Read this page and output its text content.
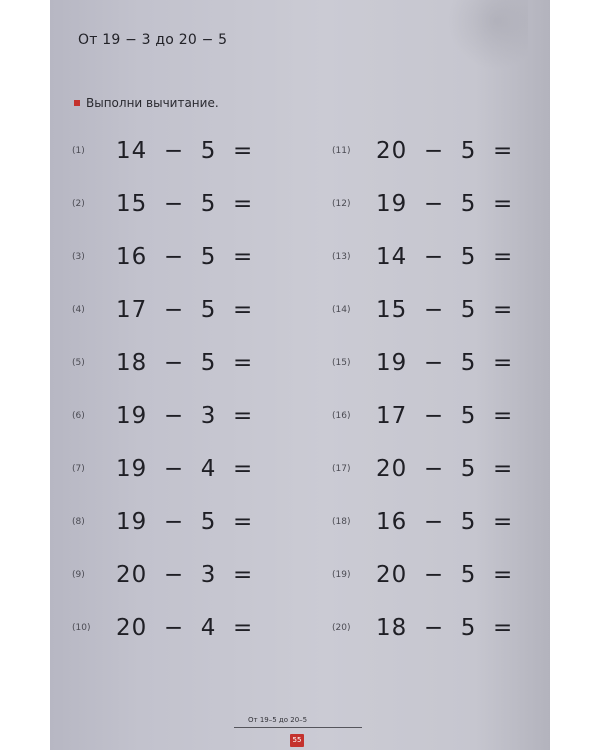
От 19 − 3 до 20 − 5
Выполни вычитание.
(1)	14  −  5  =
(2)	15  −  5  =
(3)	16  −  5  =
(4)	17  −  5  =
(5)	18  −  5  =
(6)	19  −  3  =
(7)	19  −  4  =
(8)	19  −  5  =
(9)	20  −  3  =
(10)	20  −  4  =
(11)	20  −  5  =
(12)	19  −  5  =
(13)	14  −  5  =
(14)	15  −  5  =
(15)	19  −  5  =
(16)	17  −  5  =
(17)	20  −  5  =
(18)	16  −  5  =
(19)	20  −  5  =
(20)	18  −  5  =
От 19–5 до 20–5
55
